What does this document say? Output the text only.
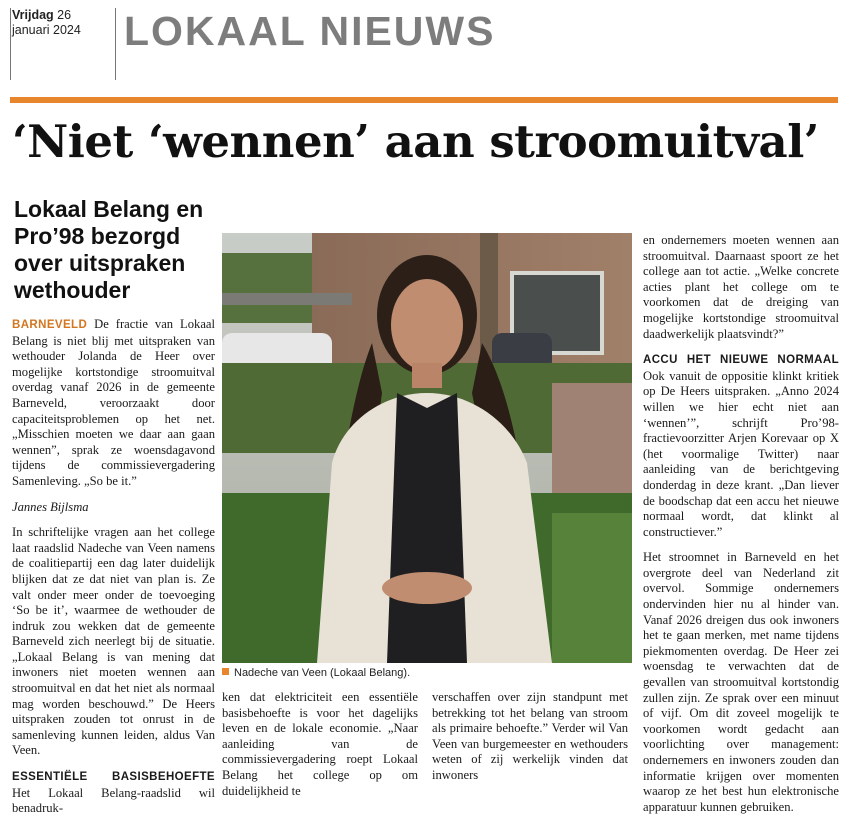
Vrijdag 26
januari 2024	LOKAAL NIEUWS
‘Niet ‘wennen’ aan stroomuitval’
Lokaal Belang en Pro’98 bezorgd over uitspraken wethouder

BARNEVELD De fractie van Lokaal Belang is niet blij met uitspraken van wethouder Jolanda de Heer over mogelijke kortstondige stroomuitval overdag vanaf 2026 in de gemeente Barneveld, veroorzaakt door capaciteitsproblemen op het net. „Misschien moeten we daar aan gaan wennen”, sprak ze woensdagavond tijdens de commissievergadering Samenleving. „So be it.”

Jannes Bijlsma

In schriftelijke vragen aan het college laat raadslid Nadeche van Veen namens de coalitiepartij een dag later duidelijk blijken dat ze dat niet van plan is. Ze valt onder meer onder de toevoeging ‘So be it’, waarmee de wethouder de indruk zou wekken dat de gemeente Barneveld zich neerlegt bij de situatie. „Lokaal Belang is van mening dat inwoners niet moeten wennen aan stroomuitval en dat het niet als normaal mag worden beschouwd.” De Heers uitspraken zouden tot onrust in de samenleving kunnen leiden, aldus Van Veen.

ESSENTIËLE BASISBEHOEFTE Het Lokaal Belang-raadslid wil benadruk-

Nadeche van Veen (Lokaal Belang).

ken dat elektriciteit een essentiële basisbehoefte is voor het dagelijks leven en de lokale economie. „Naar aanleiding van de commissievergadering roept Lokaal Belang het college op om duidelijkheid te

verschaffen over zijn standpunt met betrekking tot het belang van stroom als primaire behoefte.” Verder wil Van Veen van burgemeester en wethouders weten of zij werkelijk vinden dat inwoners

en ondernemers moeten wennen aan stroomuitval. Daarnaast spoort ze het college aan tot actie. „Welke concrete acties plant het college om te voorkomen dat de dreiging van mogelijke kortstondige stroomuitval daadwerkelijk plaatsvindt?”

ACCU HET NIEUWE NORMAAL Ook vanuit de oppositie klinkt kritiek op De Heers uitspraken. „Anno 2024 willen we hier echt niet aan ‘wennen’”, schrijft Pro’98-fractievoorzitter Arjen Korevaar op X (het voormalige Twitter) naar aanleiding van de berichtgeving donderdag in deze krant. „Dan liever de boodschap dat een accu het nieuwe normaal wordt, dat klinkt al constructiever.”

Het stroomnet in Barneveld en het overgrote deel van Nederland zit overvol. Sommige ondernemers ondervinden hier nu al hinder van. Vanaf 2026 dreigen dus ook inwoners het te gaan merken, met name tijdens piekmomenten overdag. De Heer zei woensdag te verwachten dat de gevallen van stroomuitval kortstondig zullen zijn. Ze sprak over een minuut of vijf. Om dit zoveel mogelijk te voorkomen wordt gedacht aan voorlichting over management: ondernemers en inwoners zouden dan informatie krijgen over momenten waarop ze het best hun elektronische apparatuur kunnen gebruiken.
